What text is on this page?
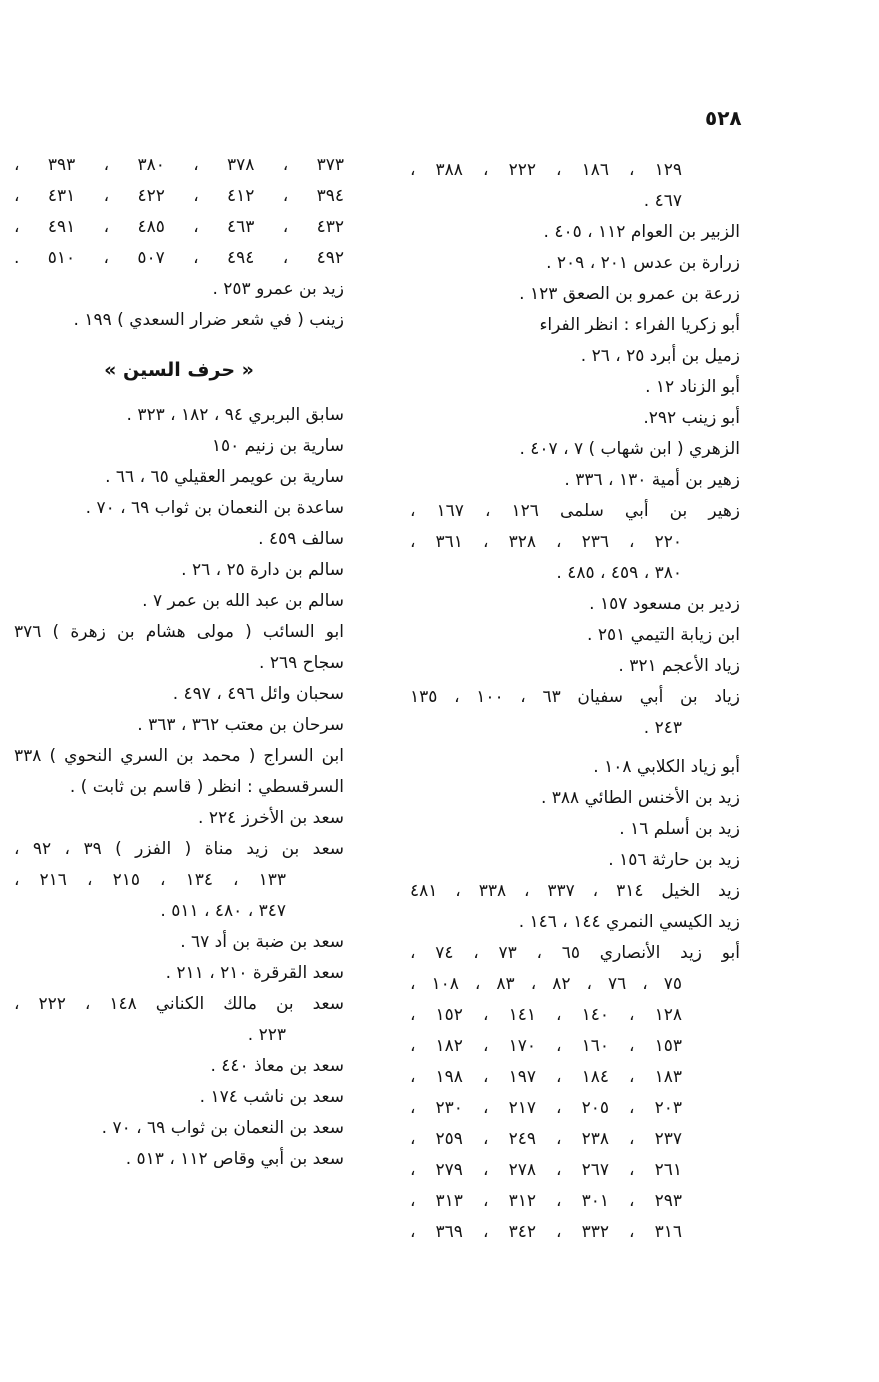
٥٢٨
١٢٩ ، ١٨٦ ، ٢٢٢ ، ٣٨٨ ،
٤٦٧ .
الزبير بن العوام ١١٢ ، ٤٠٥ .
زرارة بن عدس ٢٠١ ، ٢٠٩ .
زرعة بن عمرو بن الصعق ١٢٣ .
أبو زكريا الفراء : انظر الفراء
زميل بن أبرد ٢٥ ، ٢٦ .
أبو الزناد ١٢ .
أبو زينب ٢٩٢.
الزهري ( ابن شهاب ) ٧ ، ٤٠٧ .
زهير بن أمية ١٣٠ ، ٣٣٦ .
زهير بن أبي سلمى ١٢٦ ، ١٦٧ ،
٢٢٠ ، ٢٣٦ ، ٣٢٨ ، ٣٦١ ،
٣٨٠ ، ٤٥٩ ، ٤٨٥ .
زدير بن مسعود ١٥٧ .
ابن زيابة التيمي ٢٥١ .
زياد الأعجم ٣٢١ .
زياد بن أبي سفيان ٦٣ ، ١٠٠ ، ١٣٥
٢٤٣ .
أبو زياد الكلابي ١٠٨ .
زيد بن الأخنس الطائي ٣٨٨ .
زيد بن أسلم ١٦ .
زيد بن حارثة ١٥٦ .
زيد الخيل ٣١٤ ، ٣٣٧ ، ٣٣٨ ، ٤٨١
زيد الكيسي النمري ١٤٤ ، ١٤٦ .
أبو زيد الأنصاري ٦٥ ، ٧٣ ، ٧٤ ،
٧٥ ، ٧٦ ، ٨٢ ، ٨٣ ، ١٠٨ ،
١٢٨ ، ١٤٠ ، ١٤١ ، ١٥٢ ،
١٥٣ ، ١٦٠ ، ١٧٠ ، ١٨٢ ،
١٨٣ ، ١٨٤ ، ١٩٧ ، ١٩٨ ،
٢٠٣ ، ٢٠٥ ، ٢١٧ ، ٢٣٠ ،
٢٣٧ ، ٢٣٨ ، ٢٤٩ ، ٢٥٩ ،
٢٦١ ، ٢٦٧ ، ٢٧٨ ، ٢٧٩ ،
٢٩٣ ، ٣٠١ ، ٣١٢ ، ٣١٣ ،
٣١٦ ، ٣٣٢ ، ٣٤٢ ، ٣٦٩ ،
٣٧٣ ، ٣٧٨ ، ٣٨٠ ، ٣٩٣ ،
٣٩٤ ، ٤١٢ ، ٤٢٢ ، ٤٣١ ،
٤٣٢ ، ٤٦٣ ، ٤٨٥ ، ٤٩١ ،
٤٩٢ ، ٤٩٤ ، ٥٠٧ ، ٥١٠ .
زيد بن عمرو ٢٥٣ .
زينب ( في شعر ضرار السعدي ) ١٩٩ .
« حرف السين »
سابق البربري ٩٤ ، ١٨٢ ، ٣٢٣ .
سارية بن زنيم ١٥٠
سارية بن عويمر العقيلي ٦٥ ، ٦٦ .
ساعدة بن النعمان بن ثواب ٦٩ ، ٧٠ .
سالف ٤٥٩ .
سالم بن دارة ٢٥ ، ٢٦ .
سالم بن عبد الله بن عمر ٧ .
ابو السائب ( مولى هشام بن زهرة ) ٣٧٦
سجاح ٢٦٩ .
سحبان وائل ٤٩٦ ، ٤٩٧ .
سرحان بن معتب ٣٦٢ ، ٣٦٣ .
ابن السراج ( محمد بن السري النحوي ) ٣٣٨
السرقسطي : انظر ( قاسم بن ثابت ) .
سعد بن الأخرز ٢٢٤ .
سعد بن زيد مناة ( الفزر ) ٣٩ ، ٩٢ ،
١٣٣ ، ١٣٤ ، ٢١٥ ، ٢١٦ ،
٣٤٧ ، ٤٨٠ ، ٥١١ .
سعد بن ضبة بن أد ٦٧ .
سعد القرقرة ٢١٠ ، ٢١١ .
سعد بن مالك الكناني ١٤٨ ، ٢٢٢ ،
٢٢٣ .
سعد بن معاذ ٤٤٠ .
سعد بن ناشب ١٧٤ .
سعد بن النعمان بن ثواب ٦٩ ، ٧٠ .
سعد بن أبي وقاص ١١٢ ، ٥١٣ .
